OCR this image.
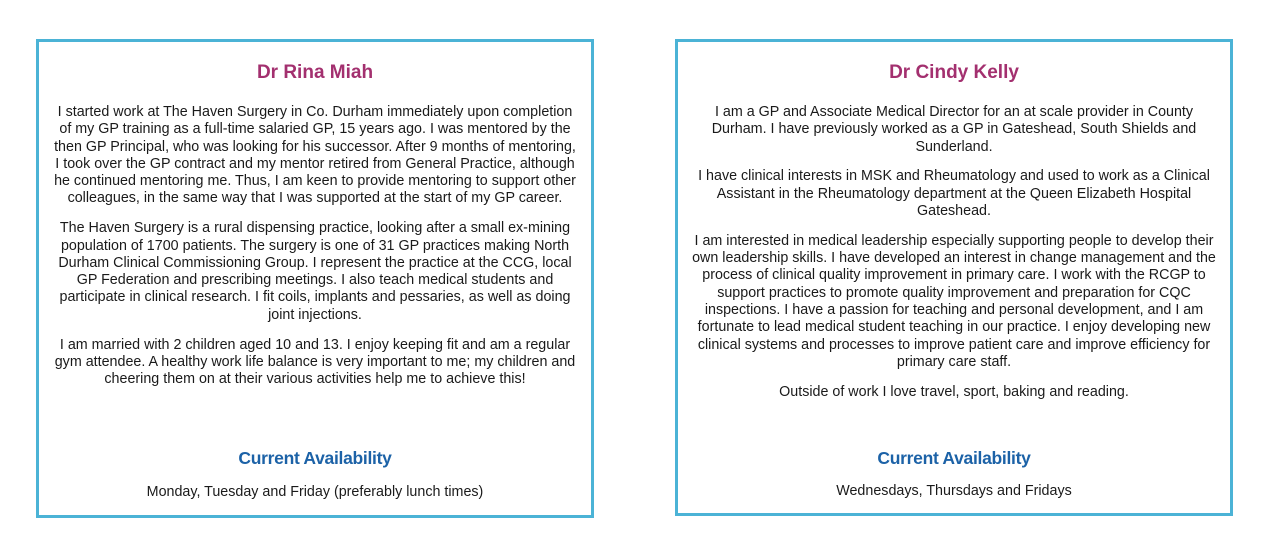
Dr Rina Miah

I started work at The Haven Surgery in Co. Durham immediately upon completion of my GP training as a full-time salaried GP, 15 years ago. I was mentored by the then GP Principal, who was looking for his successor. After 9 months of mentoring, I took over the GP contract and my mentor retired from General Practice, although he continued mentoring me. Thus, I am keen to provide mentoring to support other colleagues, in the same way that I was supported at the start of my GP career.

The Haven Surgery is a rural dispensing practice, looking after a small ex-mining population of 1700 patients. The surgery is one of 31 GP practices making North Durham Clinical Commissioning Group. I represent the practice at the CCG, local GP Federation and prescribing meetings. I also teach medical students and participate in clinical research. I fit coils, implants and pessaries, as well as doing joint injections.

I am married with 2 children aged 10 and 13. I enjoy keeping fit and am a regular gym attendee. A healthy work life balance is very important to me; my children and cheering them on at their various activities help me to achieve this!

Current Availability
Monday, Tuesday and Friday (preferably lunch times)
Dr Cindy Kelly

I am a GP and Associate Medical Director for an at scale provider in County Durham. I have previously worked as a GP in Gateshead, South Shields and Sunderland.

I have clinical interests in MSK and Rheumatology and used to work as a Clinical Assistant in the Rheumatology department at the Queen Elizabeth Hospital Gateshead.

I am interested in medical leadership especially supporting people to develop their own leadership skills. I have developed an interest in change management and the process of clinical quality improvement in primary care. I work with the RCGP to support practices to promote quality improvement and preparation for CQC inspections. I have a passion for teaching and personal development, and I am fortunate to lead medical student teaching in our practice. I enjoy developing new clinical systems and processes to improve patient care and improve efficiency for primary care staff.

Outside of work I love travel, sport, baking and reading.

Current Availability
Wednesdays, Thursdays and Fridays
